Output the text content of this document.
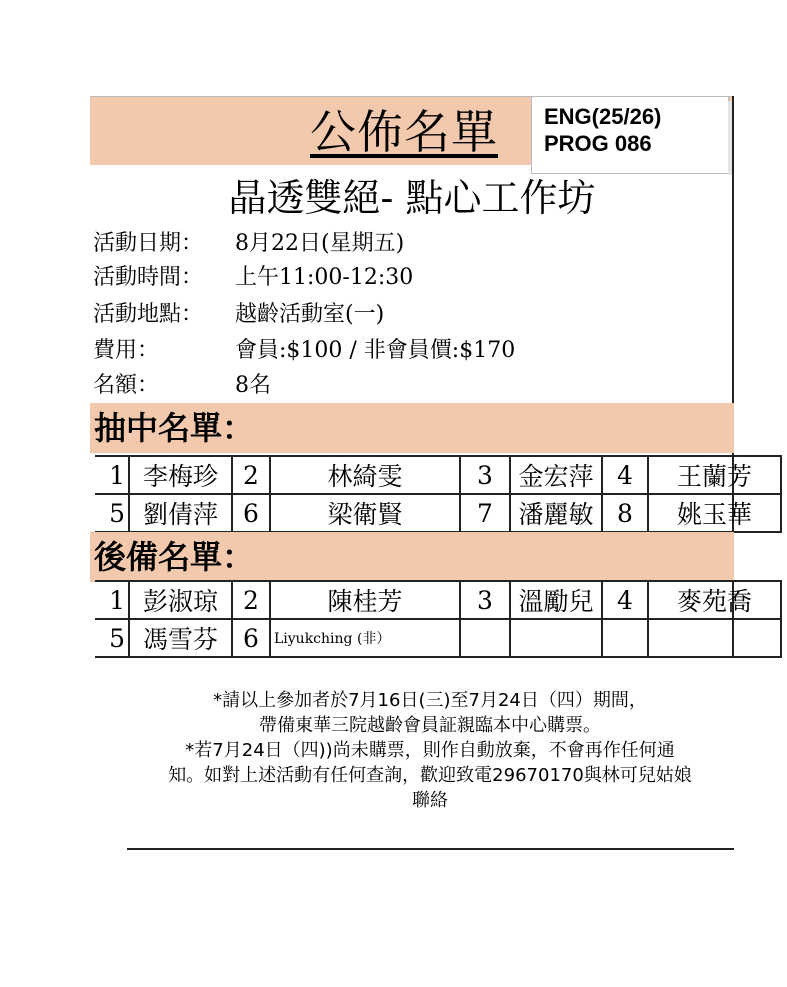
公佈名單	ENG(25/26)
PROG 086
晶透雙絕- 點心工作坊
活動日期：	8月22日(星期五)
活動時間：	上午11:00-12:30
活動地點：	越齡活動室(一)
費用：	會員:$100 / 非會員價:$170
名額：	8名
抽中名單：
1	李梅珍	2	林綺雯	3	金宏萍	4	王蘭芳
5	劉倩萍	6	梁衛賢	7	潘麗敏	8	姚玉華
後備名單：
1	彭淑琼	2	陳桂芳	3	溫勵兒	4	麥苑喬
5	馮雪芬	6	Liyukching (非）				
*請以上參加者於7月16日(三)至7月24日（四）期間，
帶備東華三院越齡會員証親臨本中心購票。
*若7月24日（四))尚未購票，則作自動放棄，不會再作任何通
知。如對上述活動有任何查詢，歡迎致電29670170與林可兒姑娘
聯絡
